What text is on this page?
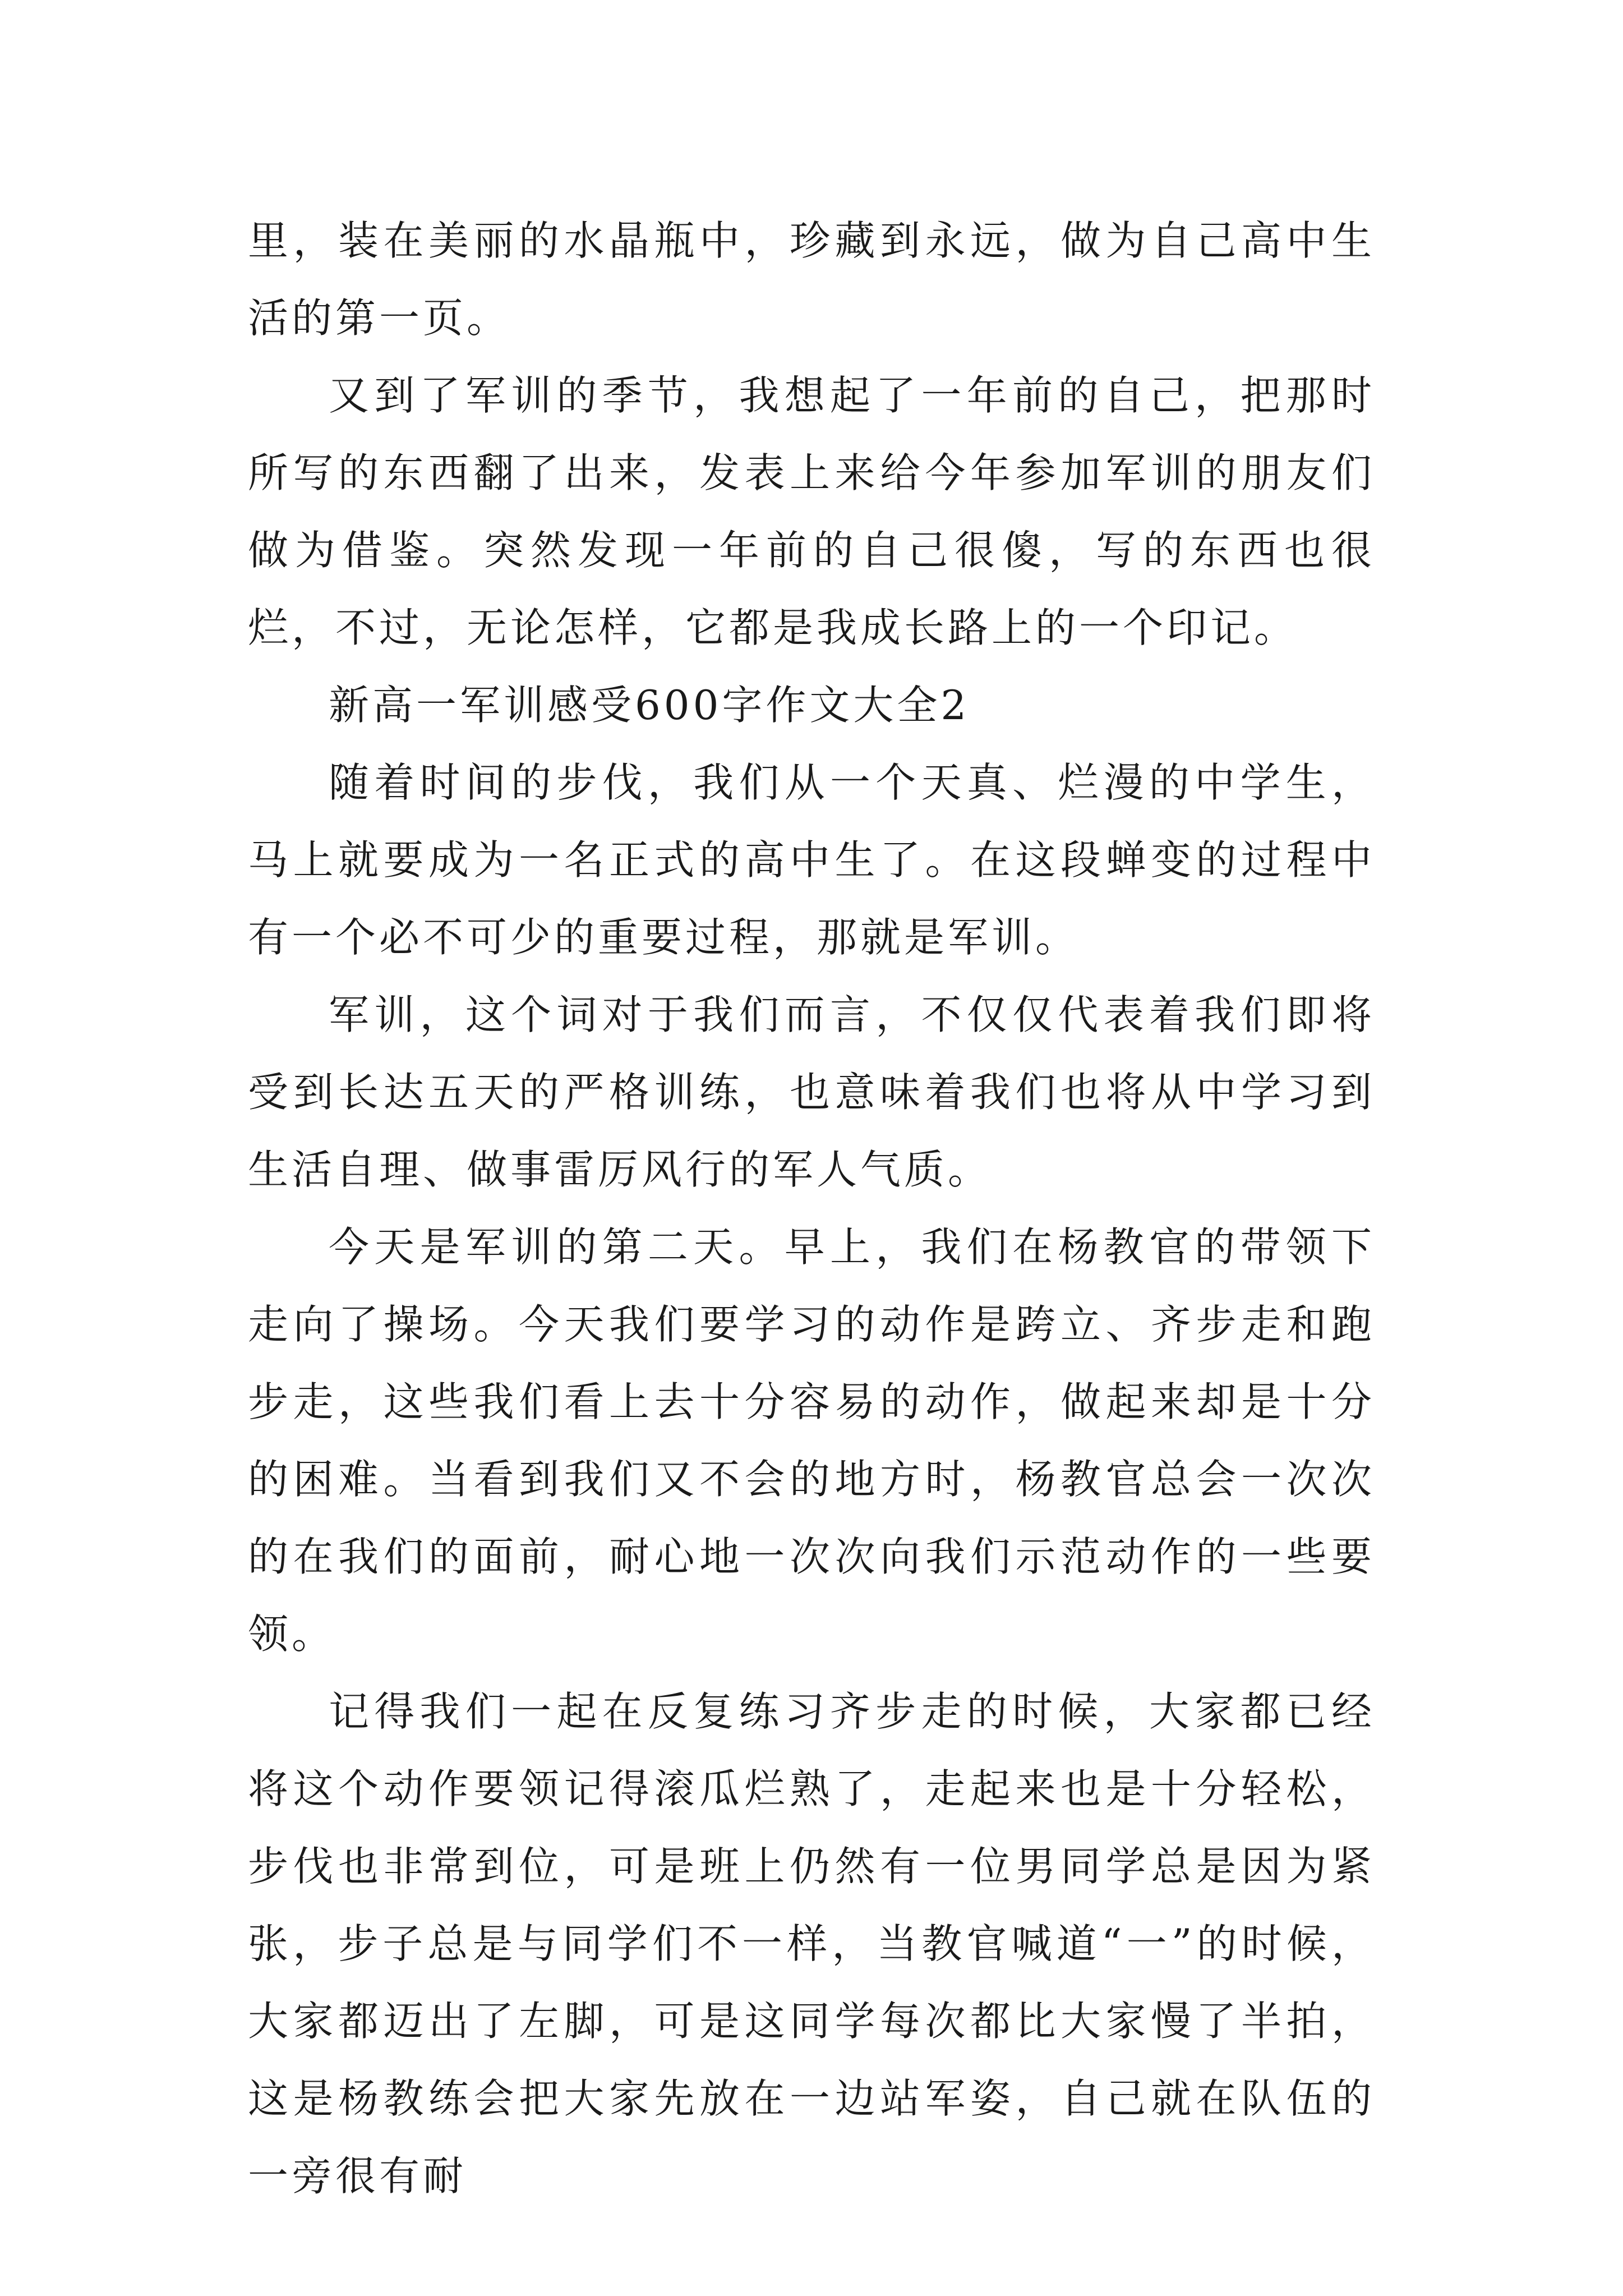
里，装在美丽的水晶瓶中，珍藏到永远，做为自己高中生活的第一页。

又到了军训的季节，我想起了一年前的自己，把那时所写的东西翻了出来，发表上来给今年参加军训的朋友们做为借鉴。突然发现一年前的自己很傻，写的东西也很烂，不过，无论怎样，它都是我成长路上的一个印记。

新高一军训感受600字作文大全2

随着时间的步伐，我们从一个天真、烂漫的中学生，马上就要成为一名正式的高中生了。在这段蝉变的过程中有一个必不可少的重要过程，那就是军训。

军训，这个词对于我们而言，不仅仅代表着我们即将受到长达五天的严格训练，也意味着我们也将从中学习到生活自理、做事雷厉风行的军人气质。

今天是军训的第二天。早上，我们在杨教官的带领下走向了操场。今天我们要学习的动作是跨立、齐步走和跑步走，这些我们看上去十分容易的动作，做起来却是十分的困难。当看到我们又不会的地方时，杨教官总会一次次的在我们的面前，耐心地一次次向我们示范动作的一些要领。

记得我们一起在反复练习齐步走的时候，大家都已经将这个动作要领记得滚瓜烂熟了，走起来也是十分轻松，步伐也非常到位，可是班上仍然有一位男同学总是因为紧张，步子总是与同学们不一样，当教官喊道“一”的时候，大家都迈出了左脚，可是这同学每次都比大家慢了半拍，这是杨教练会把大家先放在一边站军姿，自己就在队伍的一旁很有耐
